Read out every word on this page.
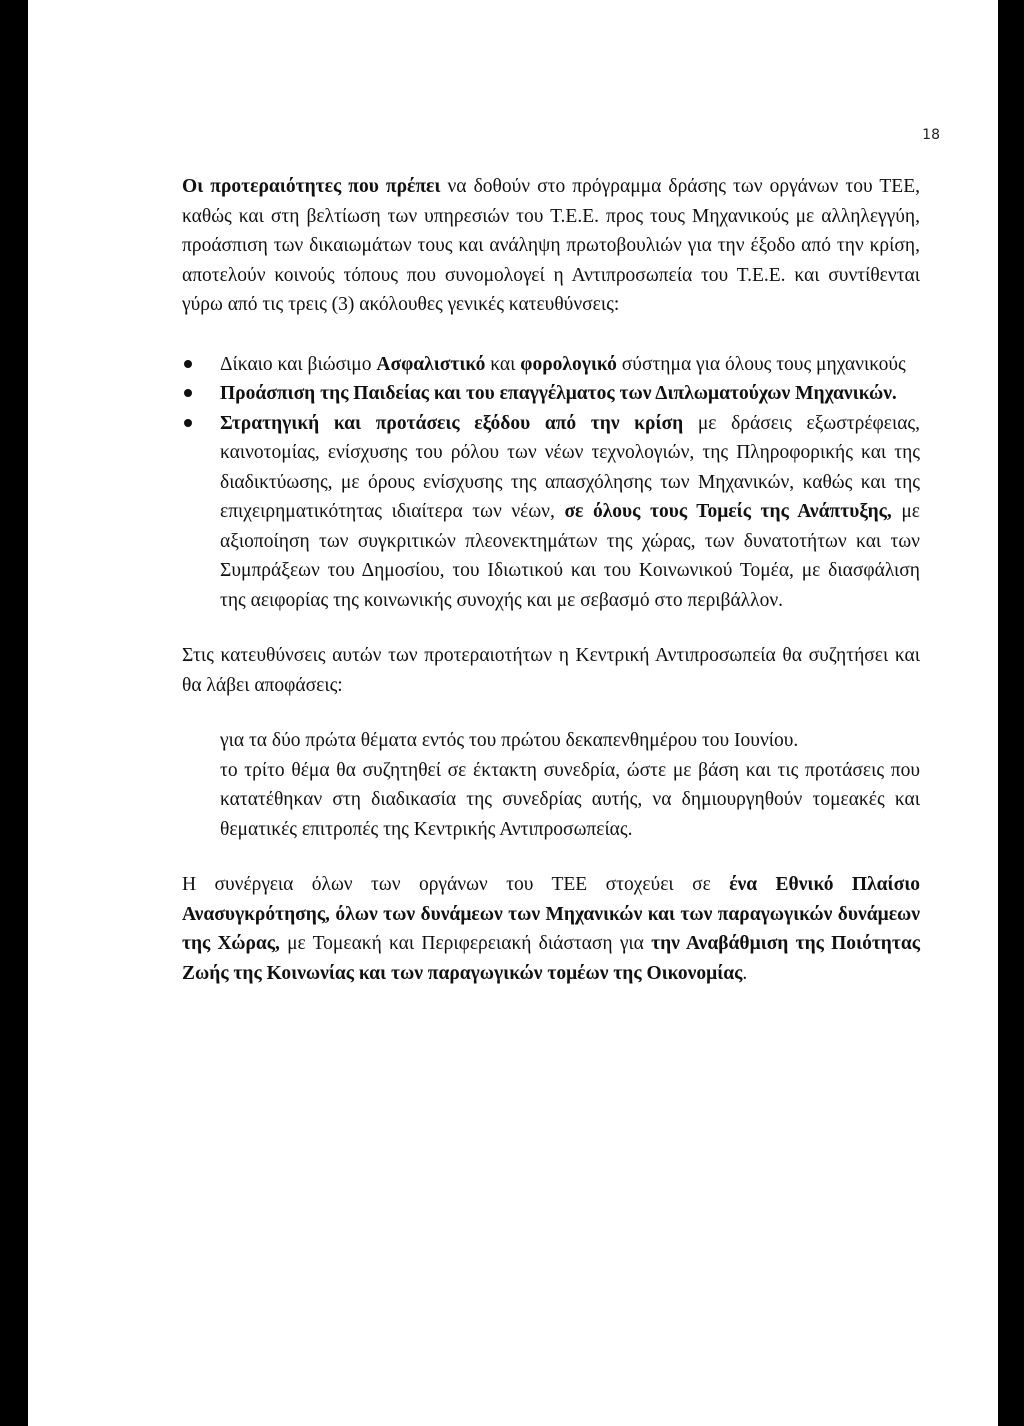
18

Οι προτεραιότητες που πρέπει να δοθούν στο πρόγραμμα δράσης των οργάνων του ΤΕΕ, καθώς και στη βελτίωση των υπηρεσιών του Τ.Ε.Ε. προς τους Μηχανικούς με αλληλεγγύη, προάσπιση των δικαιωμάτων τους και ανάληψη πρωτοβουλιών για την έξοδο από την κρίση, αποτελούν κοινούς τόπους που συνομολογεί η Αντιπροσωπεία του Τ.Ε.Ε. και συντίθενται γύρω από τις τρεις (3) ακόλουθες γενικές κατευθύνσεις:

Δίκαιο και βιώσιμο Ασφαλιστικό και φορολογικό σύστημα για όλους τους μηχανικούς
Προάσπιση της Παιδείας και του επαγγέλματος των Διπλωματούχων Μηχανικών.
Στρατηγική και προτάσεις εξόδου από την κρίση με δράσεις εξωστρέφειας, καινοτομίας, ενίσχυσης του ρόλου των νέων τεχνολογιών, της Πληροφορικής και της διαδικτύωσης, με όρους ενίσχυσης της απασχόλησης των Μηχανικών, καθώς και της επιχειρηματικότητας ιδιαίτερα των νέων, σε όλους τους Τομείς της Ανάπτυξης, με αξιοποίηση των συγκριτικών πλεονεκτημάτων της χώρας, των δυνατοτήτων και των Συμπράξεων του Δημοσίου, του Ιδιωτικού και του Κοινωνικού Τομέα, με διασφάλιση της αειφορίας της κοινωνικής συνοχής και με σεβασμό στο περιβάλλον.

Στις κατευθύνσεις αυτών των προτεραιοτήτων η Κεντρική Αντιπροσωπεία θα συζητήσει και θα λάβει αποφάσεις:

για τα δύο πρώτα θέματα εντός του πρώτου δεκαπενθημέρου του Ιουνίου.

το τρίτο θέμα θα συζητηθεί σε έκτακτη συνεδρία, ώστε με βάση και τις προτάσεις που κατατέθηκαν στη διαδικασία της συνεδρίας αυτής, να δημιουργηθούν τομεακές και θεματικές επιτροπές της Κεντρικής Αντιπροσωπείας.

Η συνέργεια όλων των οργάνων του ΤΕΕ στοχεύει σε ένα Εθνικό Πλαίσιο Ανασυγκρότησης, όλων των δυνάμεων των Μηχανικών και των παραγωγικών δυνάμεων της Χώρας, με Τομεακή και Περιφερειακή διάσταση για την Αναβάθμιση της Ποιότητας Ζωής της Κοινωνίας και των παραγωγικών τομέων της Οικονομίας.
